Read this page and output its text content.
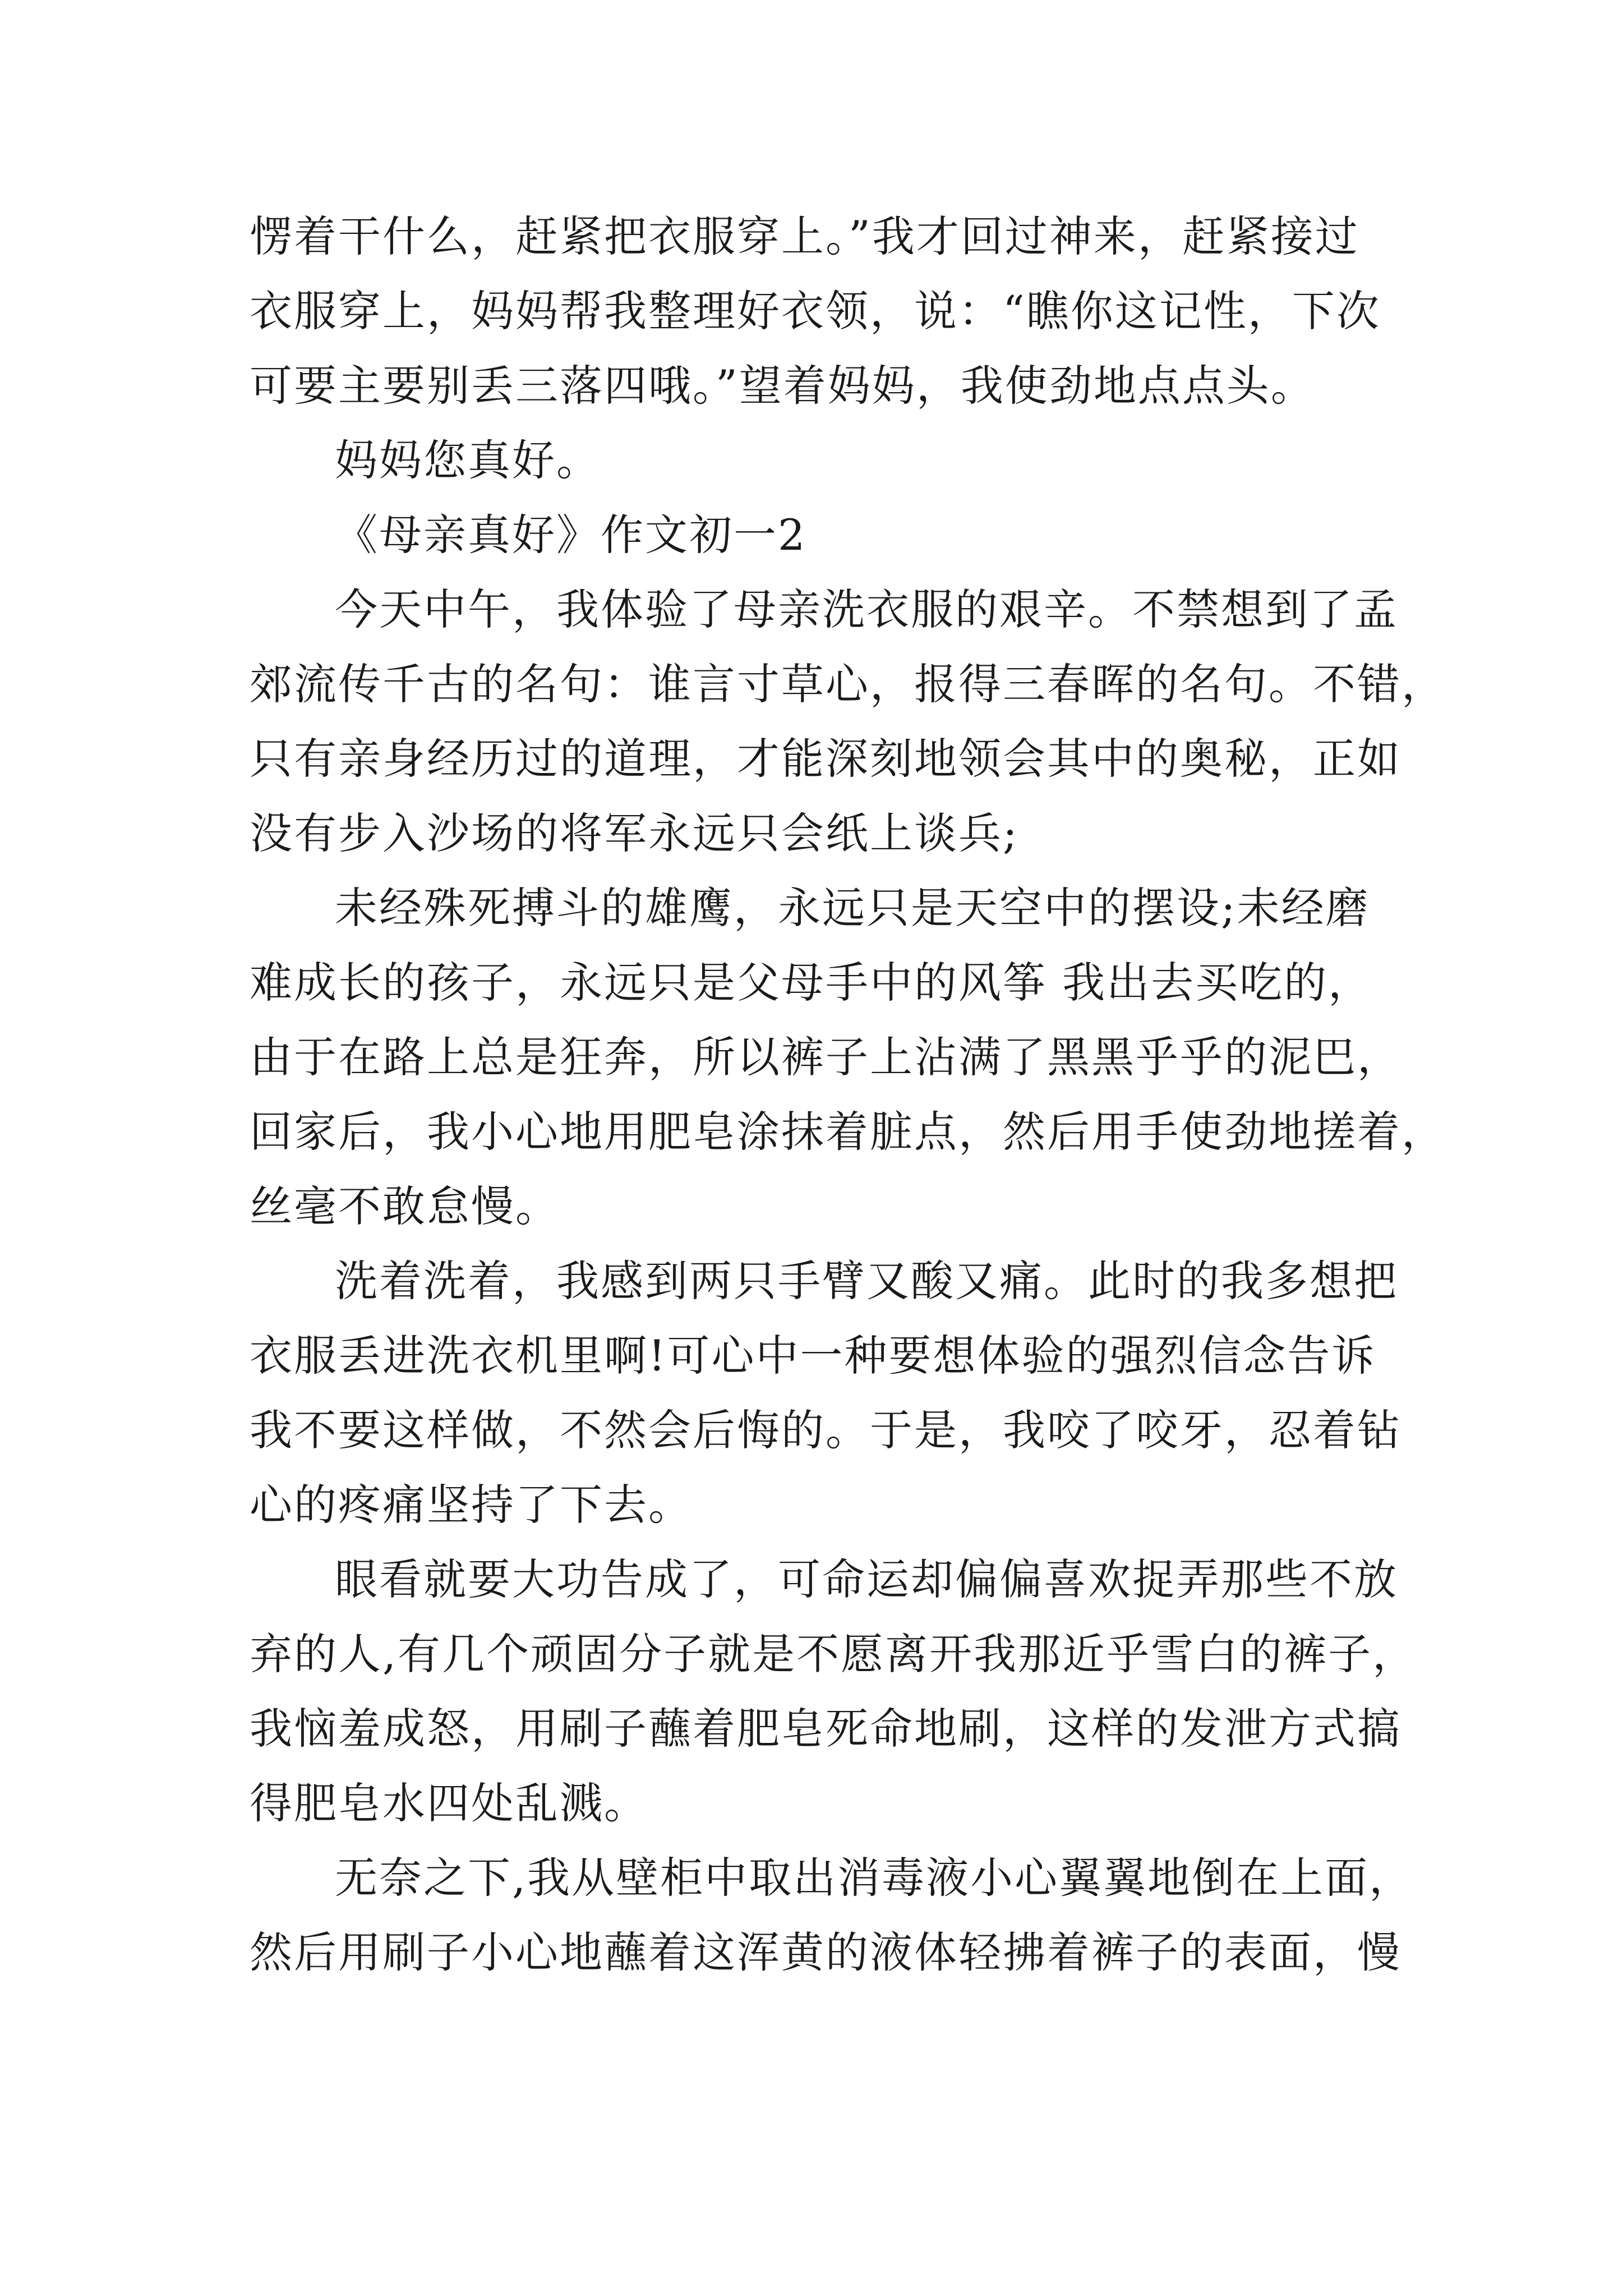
愣着干什么，赶紧把衣服穿上。”我才回过神来，赶紧接过
衣服穿上，妈妈帮我整理好衣领，说：“瞧你这记性，下次
可要主要别丢三落四哦。”望着妈妈，我使劲地点点头。
妈妈您真好。
《母亲真好》作文初一2
今天中午，我体验了母亲洗衣服的艰辛。不禁想到了孟
郊流传千古的名句：谁言寸草心，报得三春晖的名句。不错，
只有亲身经历过的道理，才能深刻地领会其中的奥秘，正如
没有步入沙场的将军永远只会纸上谈兵;
未经殊死搏斗的雄鹰，永远只是天空中的摆设;未经磨
难成长的孩子，永远只是父母手中的风筝 我出去买吃的，
由于在路上总是狂奔，所以裤子上沾满了黑黑乎乎的泥巴，
回家后，我小心地用肥皂涂抹着脏点，然后用手使劲地搓着，
丝毫不敢怠慢。
洗着洗着，我感到两只手臂又酸又痛。此时的我多想把
衣服丢进洗衣机里啊!可心中一种要想体验的强烈信念告诉
我不要这样做，不然会后悔的。于是，我咬了咬牙，忍着钻
心的疼痛坚持了下去。
眼看就要大功告成了，可命运却偏偏喜欢捉弄那些不放
弃的人,有几个顽固分子就是不愿离开我那近乎雪白的裤子，
我恼羞成怒，用刷子蘸着肥皂死命地刷，这样的发泄方式搞
得肥皂水四处乱溅。
无奈之下,我从壁柜中取出消毒液小心翼翼地倒在上面，
然后用刷子小心地蘸着这浑黄的液体轻拂着裤子的表面，慢
